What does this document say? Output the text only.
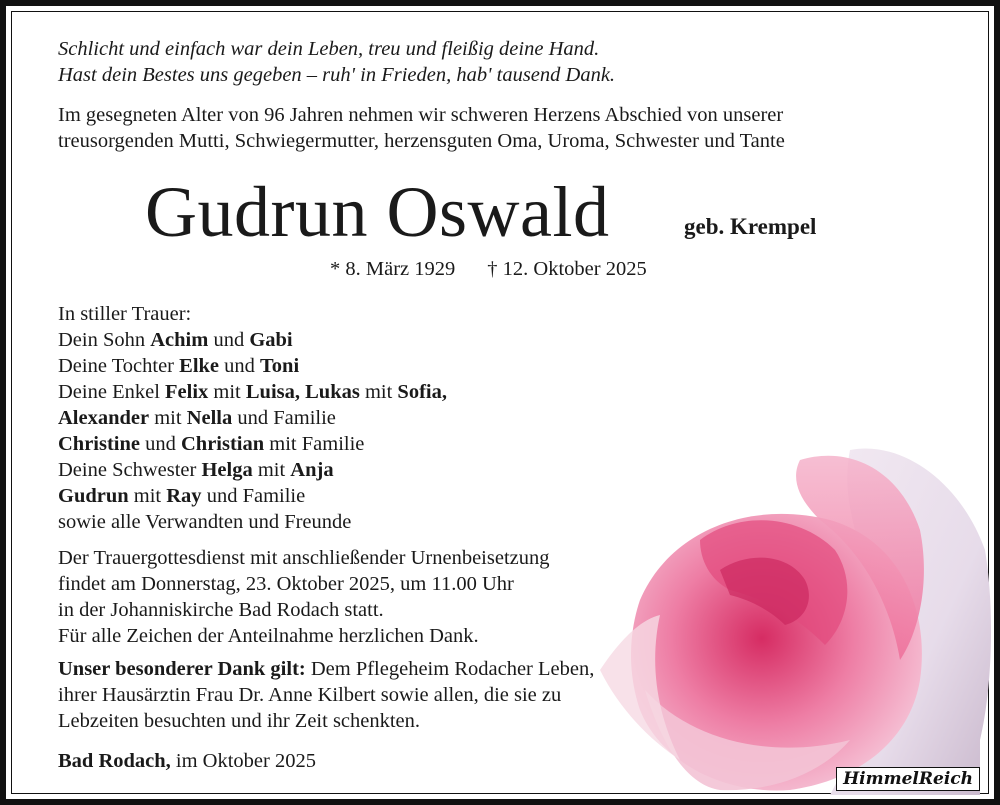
Schlicht und einfach war dein Leben, treu und fleißig deine Hand.
Hast dein Bestes uns gegeben – ruh' in Frieden, hab' tausend Dank.
Im gesegneten Alter von 96 Jahren nehmen wir schweren Herzens Abschied von unserer
treusorgenden Mutti, Schwiegermutter, herzensguten Oma, Uroma, Schwester und Tante
Gudrun Oswald	geb. Krempel
* 8. März 1929 † 12. Oktober 2025
In stiller Trauer:
Dein Sohn Achim und Gabi
Deine Tochter Elke und Toni
Deine Enkel Felix mit Luisa, Lukas mit Sofia,
Alexander mit Nella und Familie
Christine und Christian mit Familie
Deine Schwester Helga mit Anja
Gudrun mit Ray und Familie
sowie alle Verwandten und Freunde
Der Trauergottesdienst mit anschließender Urnenbeisetzung
findet am Donnerstag, 23. Oktober 2025, um 11.00 Uhr
in der Johanniskirche Bad Rodach statt.
Für alle Zeichen der Anteilnahme herzlichen Dank.
Unser besonderer Dank gilt: Dem Pflegeheim Rodacher Leben,
ihrer Hausärztin Frau Dr. Anne Kilbert sowie allen, die sie zu
Lebzeiten besuchten und ihr Zeit schenkten.
Bad Rodach, im Oktober 2025
HimmelReich
